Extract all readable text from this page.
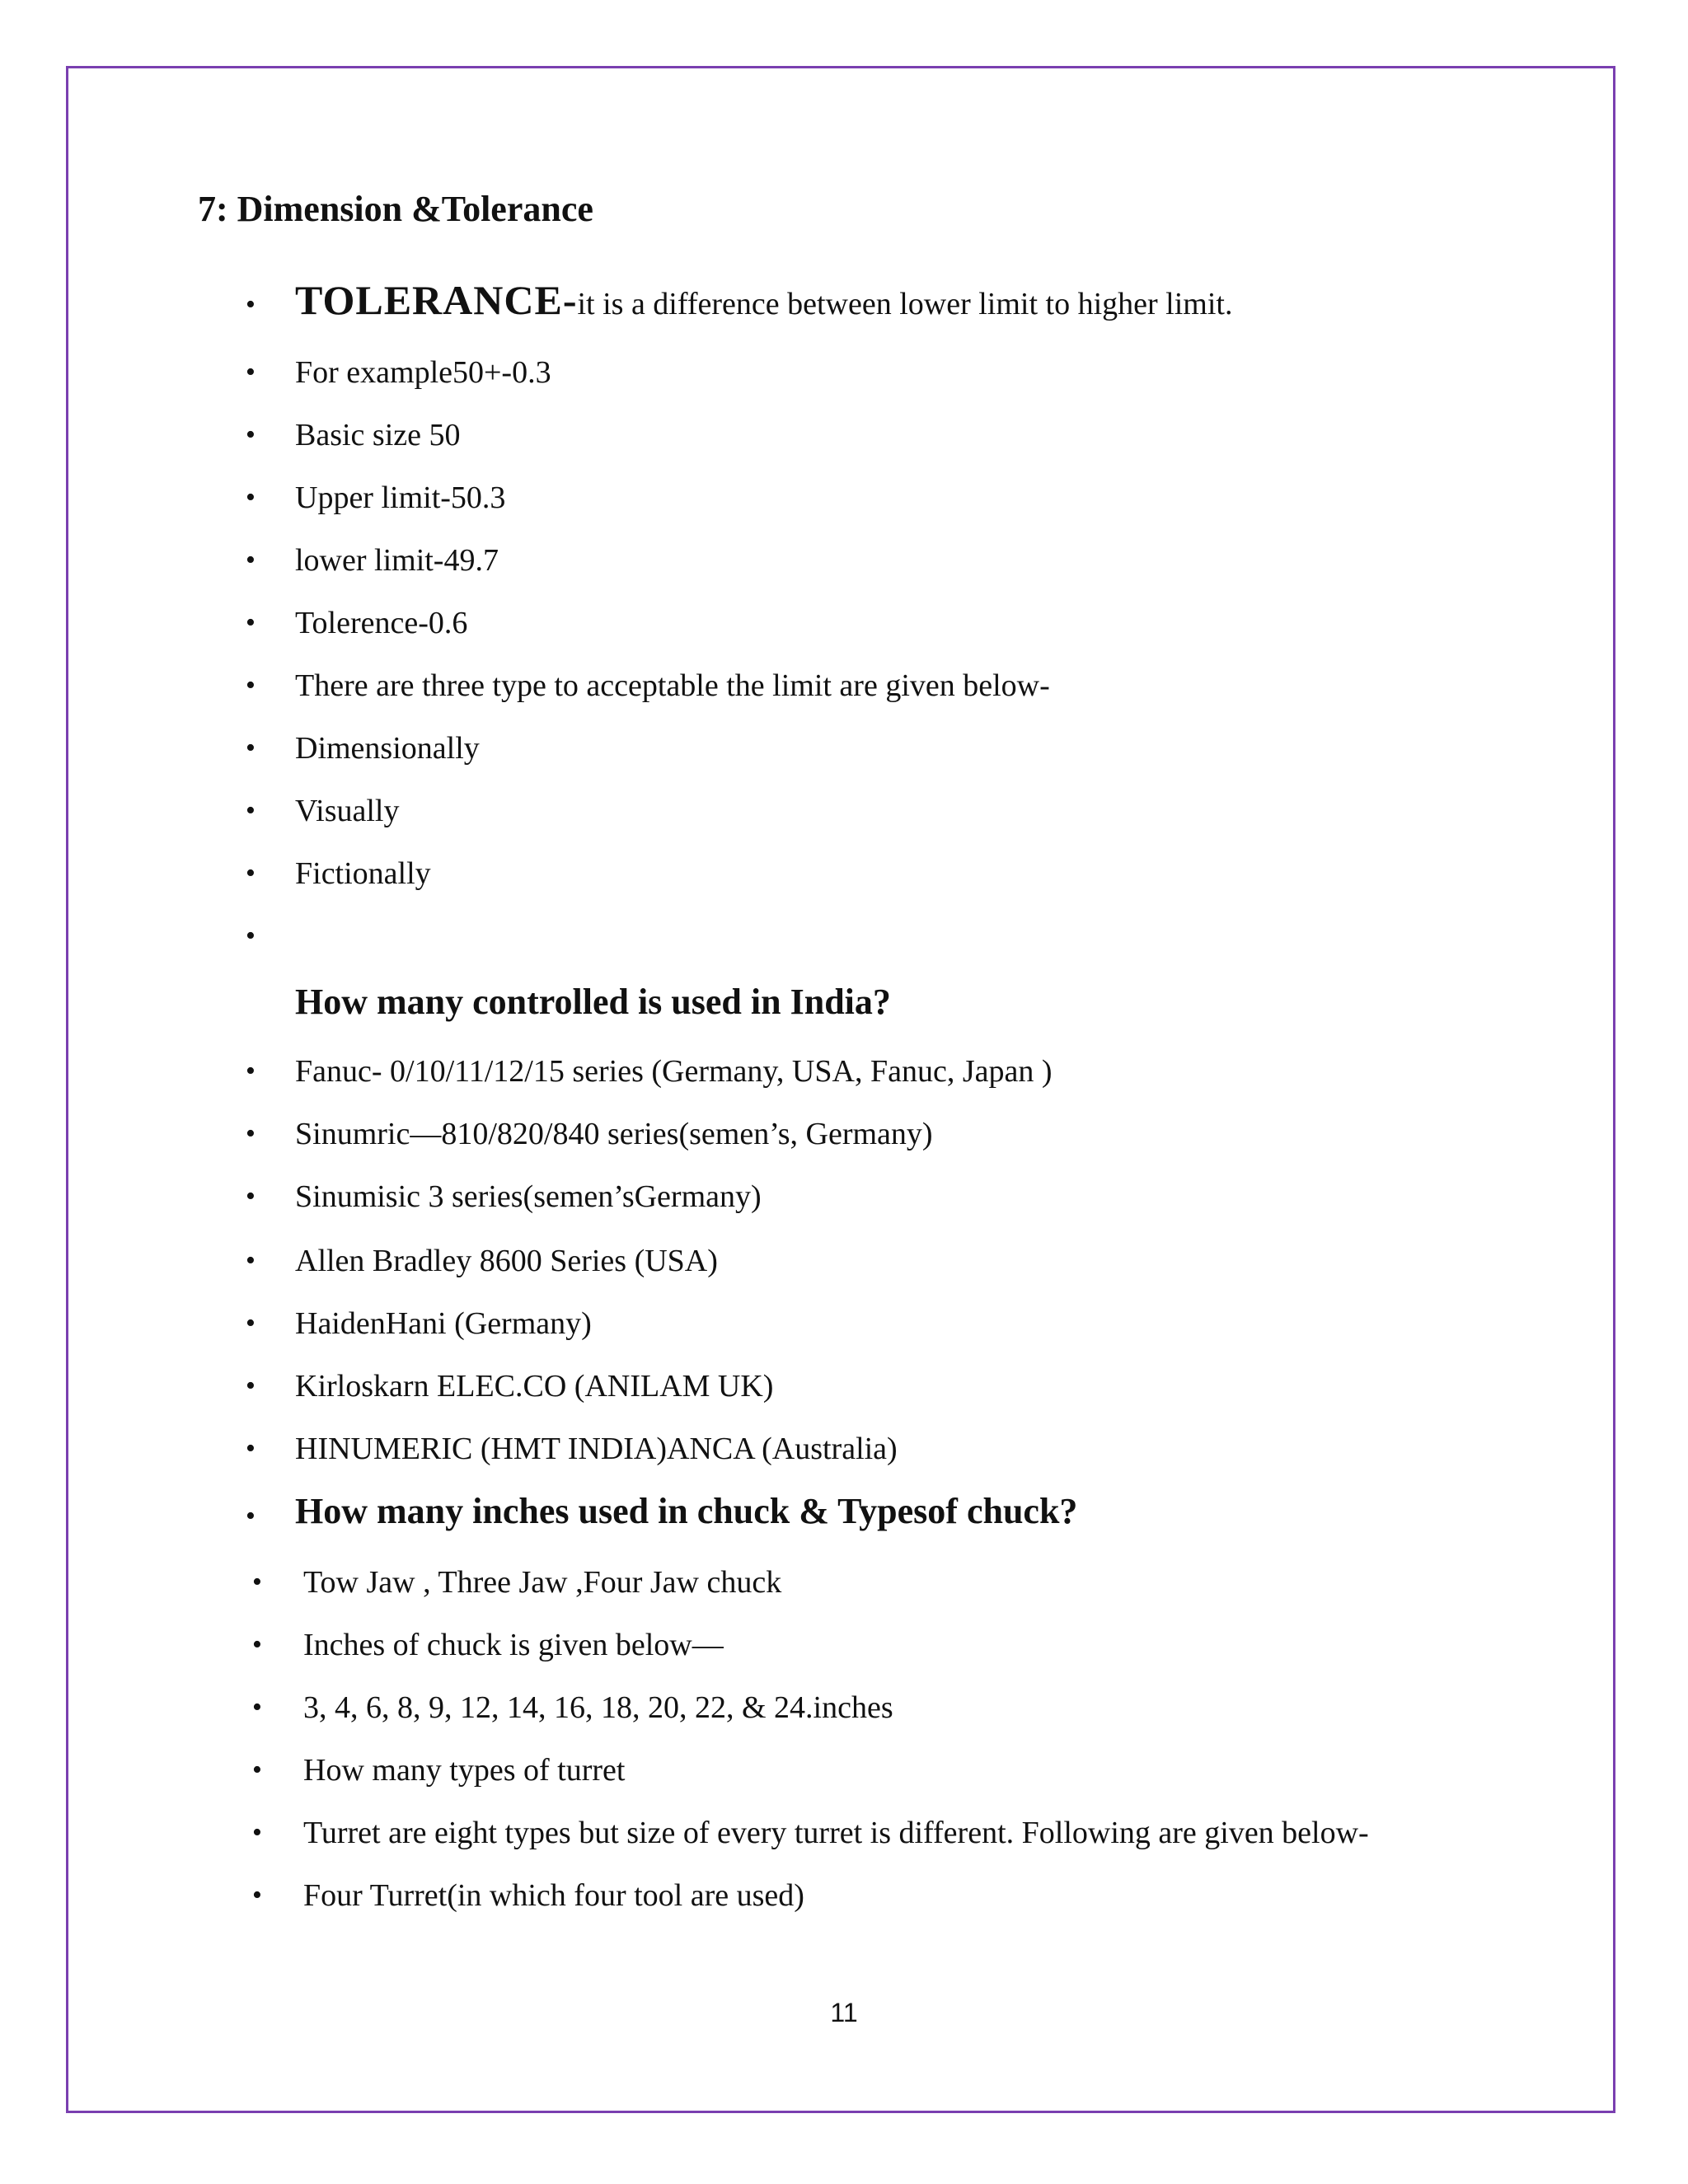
7: Dimension &Tolerance
• TOLERANCE-it is a difference between lower limit to higher limit.
• For example50+-0.3
• Basic size 50
• Upper limit-50.3
• lower limit-49.7
• Tolerence-0.6
• There are three type to acceptable the limit are given below-
• Dimensionally
• Visually
• Fictionally
•
How many controlled is used in India?
• Fanuc- 0/10/11/12/15 series (Germany, USA, Fanuc, Japan )
• Sinumric—810/820/840 series(semen’s, Germany)
• Sinumisic 3 series(semen’sGermany)
• Allen Bradley 8600 Series (USA)
• HaidenHani (Germany)
• Kirloskarn ELEC.CO (ANILAM UK)
• HINUMERIC (HMT INDIA)ANCA (Australia)
• How many inches used in chuck & Typesof chuck?
• Tow Jaw , Three Jaw ,Four Jaw chuck
• Inches of chuck is given below—
• 3, 4, 6, 8, 9, 12, 14, 16, 18, 20, 22, & 24.inches
• How many types of turret
• Turret are eight types but size of every turret is different. Following are given below-
• Four Turret(in which four tool are used)
11
